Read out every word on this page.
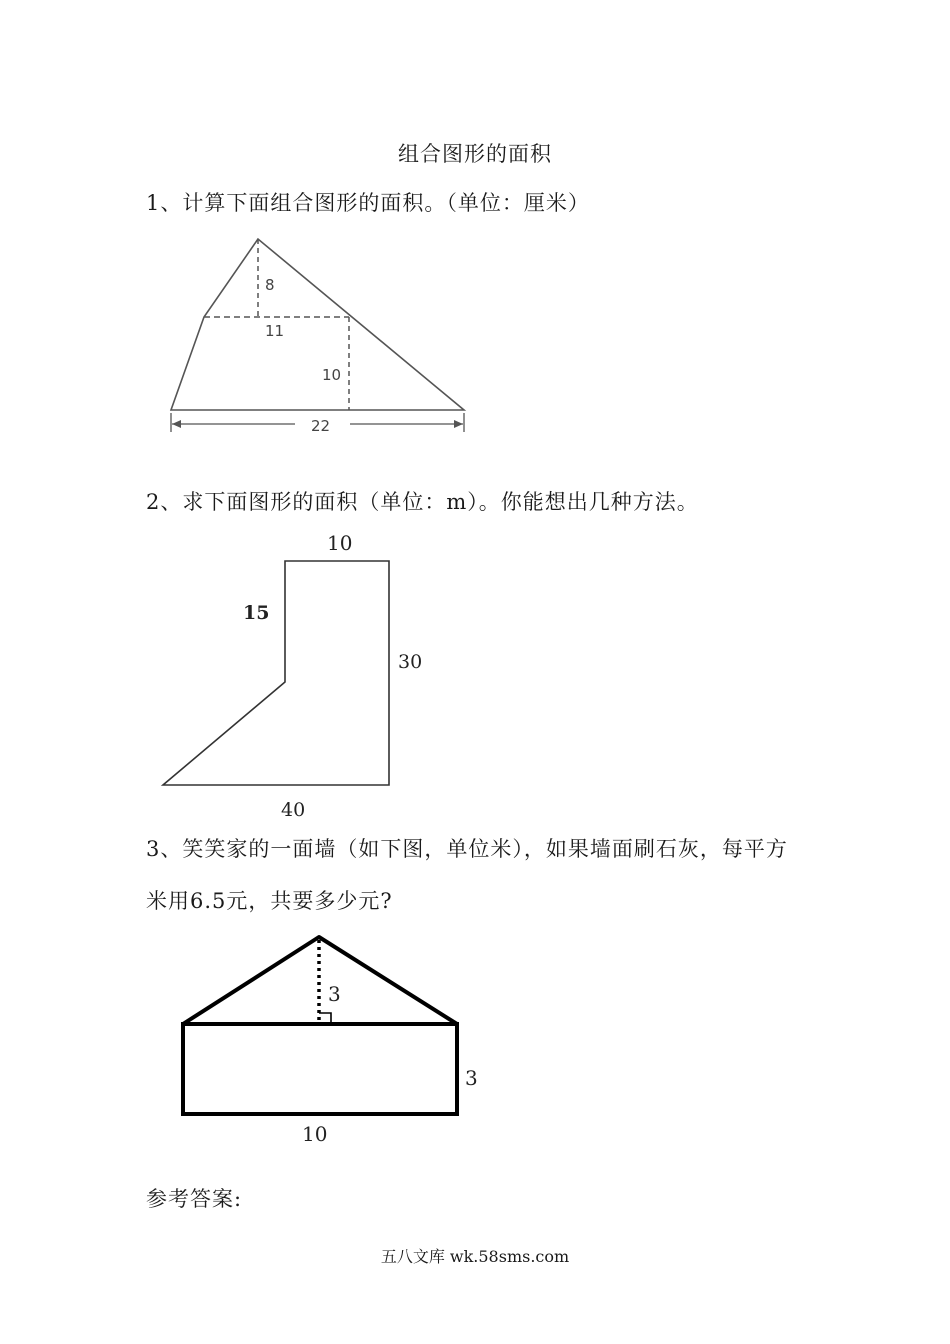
组合图形的面积
1、计算下面组合图形的面积。（单位：厘米）
2、求下面图形的面积（单位：m）。你能想出几种方法。
3、笑笑家的一面墙（如下图，单位米），如果墙面刷石灰，每平方
米用6.5元，共要多少元?
参考答案:
五八文库 wk.58sms.com
8
11
10
22
10
15
30
40
3
3
10
